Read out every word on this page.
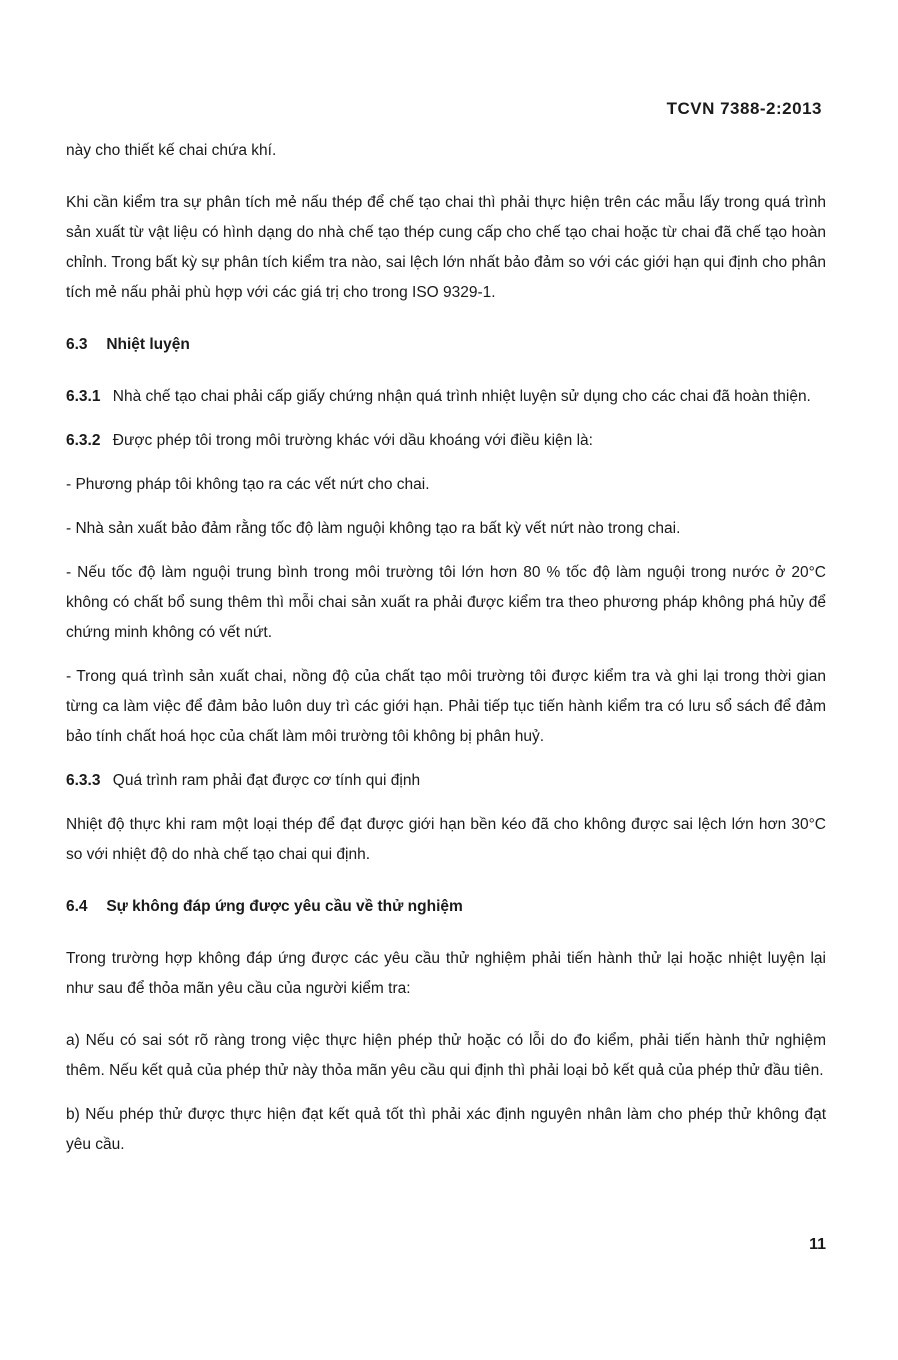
TCVN 7388-2:2013

này cho thiết kế chai chứa khí.

Khi cần kiểm tra sự phân tích mẻ nấu thép để chế tạo chai thì phải thực hiện trên các mẫu lấy trong quá trình sản xuất từ vật liệu có hình dạng do nhà chế tạo thép cung cấp cho chế tạo chai hoặc từ chai đã chế tạo hoàn chỉnh. Trong bất kỳ sự phân tích kiểm tra nào, sai lệch lớn nhất bảo đảm so với các giới hạn qui định cho phân tích mẻ nấu phải phù hợp với các giá trị cho trong ISO 9329-1.

6.3 Nhiệt luyện

6.3.1 Nhà chế tạo chai phải cấp giấy chứng nhận quá trình nhiệt luyện sử dụng cho các chai đã hoàn thiện.

6.3.2 Được phép tôi trong môi trường khác với dầu khoáng với điều kiện là:

- Phương pháp tôi không tạo ra các vết nứt cho chai.

- Nhà sản xuất bảo đảm rằng tốc độ làm nguội không tạo ra bất kỳ vết nứt nào trong chai.

- Nếu tốc độ làm nguội trung bình trong môi trường tôi lớn hơn 80 % tốc độ làm nguội trong nước ở 20°C không có chất bổ sung thêm thì mỗi chai sản xuất ra phải được kiểm tra theo phương pháp không phá hủy để chứng minh không có vết nứt.

- Trong quá trình sản xuất chai, nồng độ của chất tạo môi trường tôi được kiểm tra và ghi lại trong thời gian từng ca làm việc để đảm bảo luôn duy trì các giới hạn. Phải tiếp tục tiến hành kiểm tra có lưu sổ sách để đảm bảo tính chất hoá học của chất làm môi trường tôi không bị phân huỷ.

6.3.3 Quá trình ram phải đạt được cơ tính qui định

Nhiệt độ thực khi ram một loại thép để đạt được giới hạn bền kéo đã cho không được sai lệch lớn hơn 30°C so với nhiệt độ do nhà chế tạo chai qui định.

6.4 Sự không đáp ứng được yêu cầu về thử nghiệm

Trong trường hợp không đáp ứng được các yêu cầu thử nghiệm phải tiến hành thử lại hoặc nhiệt luyện lại như sau để thỏa mãn yêu cầu của người kiểm tra:

a) Nếu có sai sót rõ ràng trong việc thực hiện phép thử hoặc có lỗi do đo kiểm, phải tiến hành thử nghiệm thêm. Nếu kết quả của phép thử này thỏa mãn yêu cầu qui định thì phải loại bỏ kết quả của phép thử đầu tiên.

b) Nếu phép thử được thực hiện đạt kết quả tốt thì phải xác định nguyên nhân làm cho phép thử không đạt yêu cầu.

11
